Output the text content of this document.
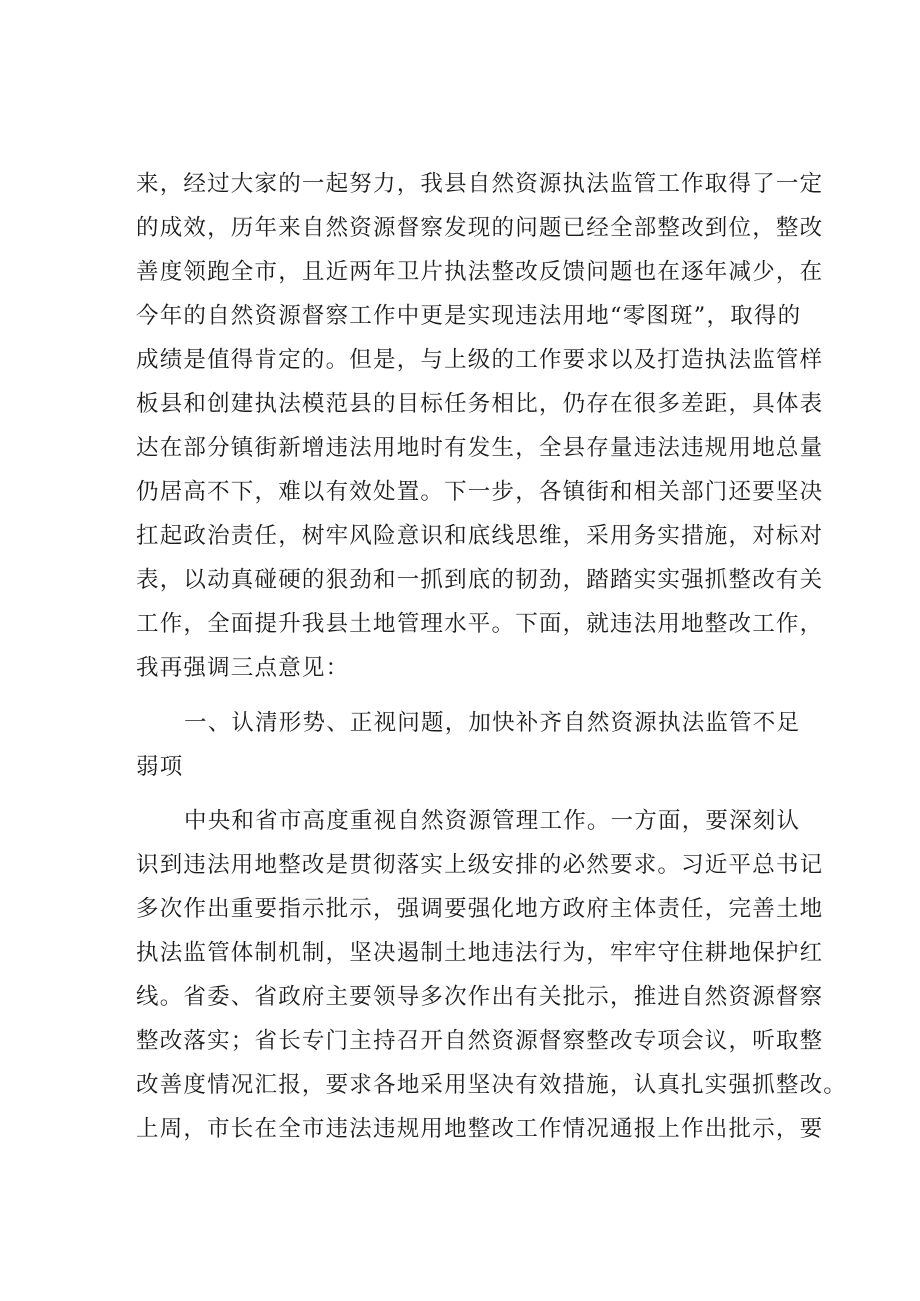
来，经过大家的一起努力，我县自然资源执法监管工作取得了一定
的成效，历年来自然资源督察发现的问题已经全部整改到位，整改
善度领跑全市，且近两年卫片执法整改反馈问题也在逐年减少，在
今年的自然资源督察工作中更是实现违法用地“零图斑”，取得的
成绩是值得肯定的。但是，与上级的工作要求以及打造执法监管样
板县和创建执法模范县的目标任务相比，仍存在很多差距，具体表
达在部分镇街新增违法用地时有发生，全县存量违法违规用地总量
仍居高不下，难以有效处置。下一步，各镇街和相关部门还要坚决
扛起政治责任，树牢风险意识和底线思维，采用务实措施，对标对
表，以动真碰硬的狠劲和一抓到底的韧劲，踏踏实实强抓整改有关
工作，全面提升我县土地管理水平。下面，就违法用地整改工作，
我再强调三点意见：
一、认清形势、正视问题，加快补齐自然资源执法监管不足
弱项
中央和省市高度重视自然资源管理工作。一方面，要深刻认
识到违法用地整改是贯彻落实上级安排的必然要求。习近平总书记
多次作出重要指示批示，强调要强化地方政府主体责任，完善土地
执法监管体制机制，坚决遏制土地违法行为，牢牢守住耕地保护红
线。省委、省政府主要领导多次作出有关批示，推进自然资源督察
整改落实；省长专门主持召开自然资源督察整改专项会议，听取整
改善度情况汇报，要求各地采用坚决有效措施，认真扎实强抓整改。
上周，市长在全市违法违规用地整改工作情况通报上作出批示，要
